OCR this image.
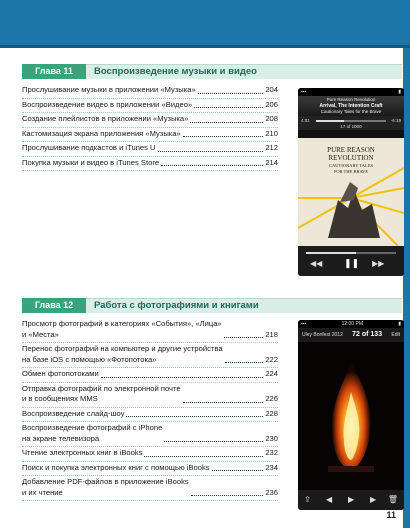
Глава 11	Воспроизведение музыки и видео
Прослушивание музыки в приложении «Музыка»	204
Воспроизведение видео в приложении «Видео»	206
Создание плейлистов в приложении «Музыка»	208
Кастомизация экрана приложения «Музыка»	210
Прослушивание подкастов и iTunes U	212
Покупка музыки и видео в iTunes Store	214
▪▪▪ ︎	▮
Pure Reason Revolution
Arrival, The Intention Craft
Cautionary Tales for the Brave
4:01	-6:19
17 of 1000
PURE REASON
REVOLUTION
CAUTIONARY TALES
FOR THE BRAVE
◀◀ ❚❚ ▶▶
Глава 12	Работа с фотографиями и книгами
Просмотр фотографий в категориях «События», «Лица»
и «Места»	218
Перенос фотографий на компьютер и другие устройства
на базе iOS с помощью «Фотопотока»	222
Обмен фотопотоками	224
Отправка фотографий по электронной почте
и в сообщениях MMS	226
Воспроизведение слайд-шоу	228
Воспроизведение фотографий с iPhone
на экране телевизора	230
Чтение электронных книг в iBooks	232
Поиск и покупка электронных книг с помощью iBooks	234
Добавление PDF-файлов в приложение iBooks
и их чтение	236
▪▪▪	12:00 PM	▮
Uley Bonfest 2012 72 of 133 Edit
⇪ ◀ ▶ ▶ 🗑
11
